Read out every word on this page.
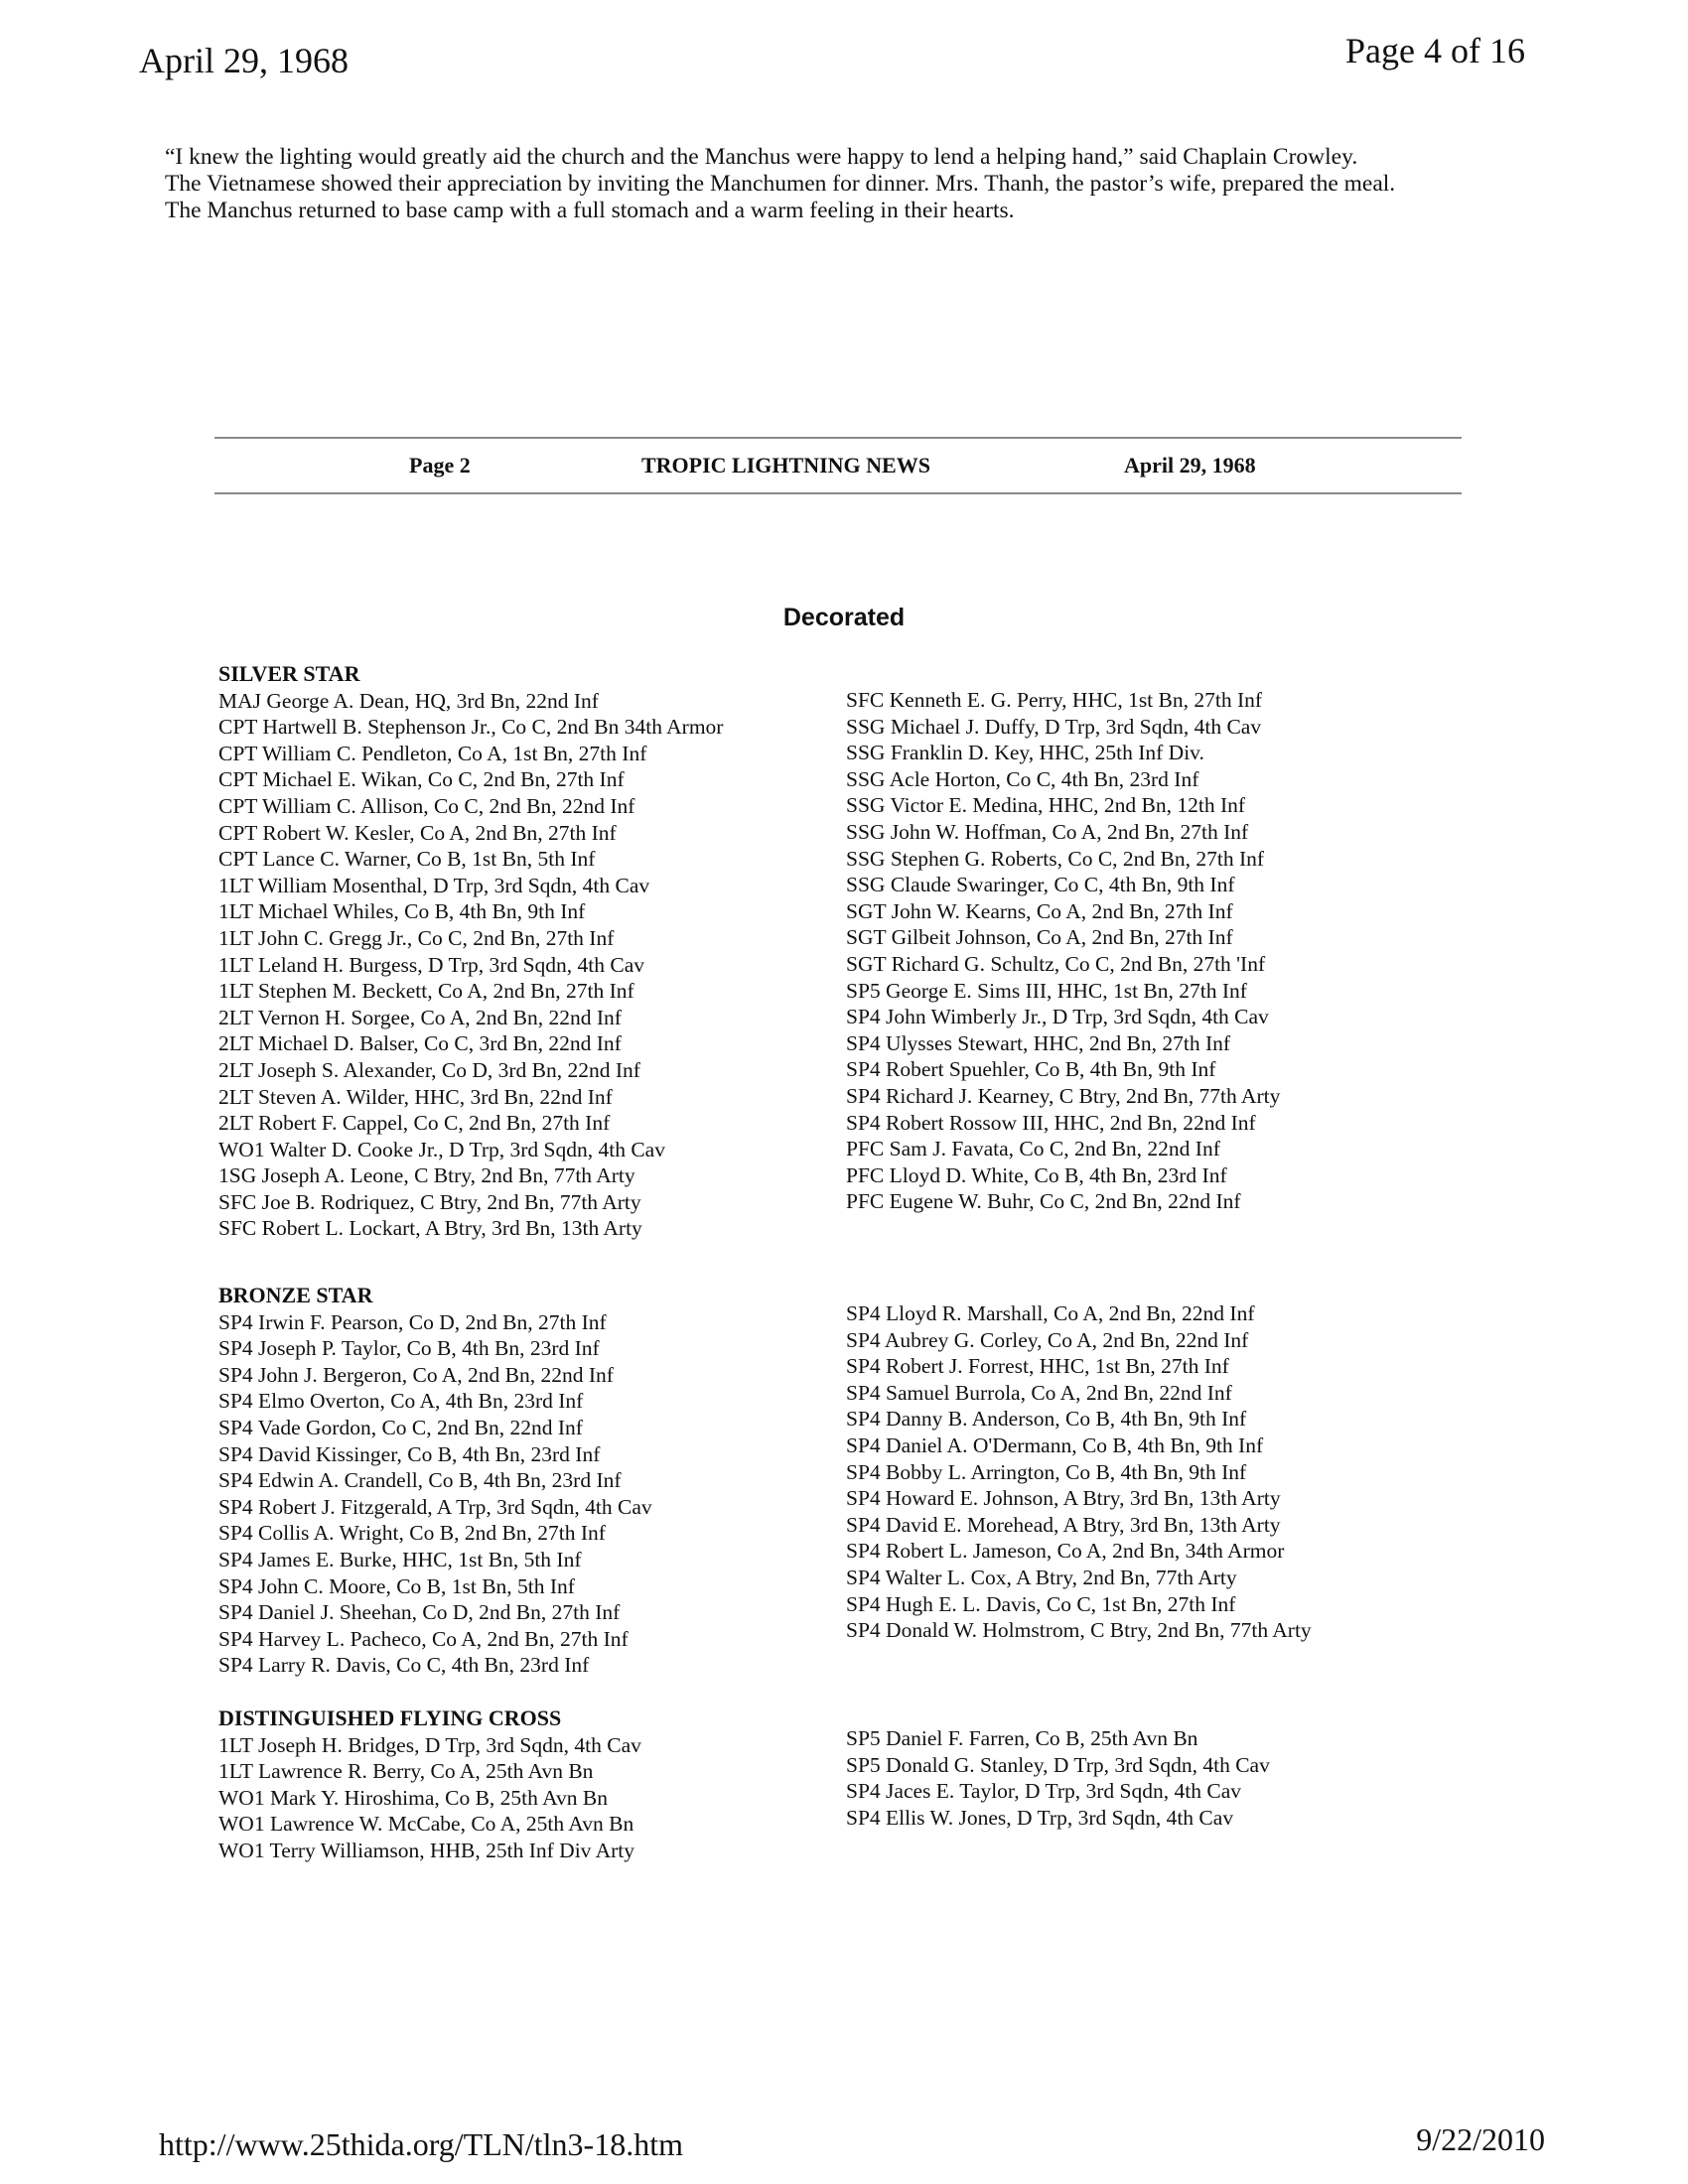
April 29, 1968	Page 4 of 16

“I knew the lighting would greatly aid the church and the Manchus were happy to lend a helping hand,” said Chaplain Crowley.

The Vietnamese showed their appreciation by inviting the Manchumen for dinner. Mrs. Thanh, the pastor’s wife, prepared the meal.

The Manchus returned to base camp with a full stomach and a warm feeling in their hearts.

Page 2	TROPIC LIGHTNING NEWS	April 29, 1968
Decorated
SILVER STAR
MAJ George A. Dean, HQ, 3rd Bn, 22nd Inf
CPT Hartwell B. Stephenson Jr., Co C, 2nd Bn 34th Armor
CPT William C. Pendleton, Co A, 1st Bn, 27th Inf
CPT Michael E. Wikan, Co C, 2nd Bn, 27th Inf
CPT William C. Allison, Co C, 2nd Bn, 22nd Inf
CPT Robert W. Kesler, Co A, 2nd Bn, 27th Inf
CPT Lance C. Warner, Co B, 1st Bn, 5th Inf
1LT William Mosenthal, D Trp, 3rd Sqdn, 4th Cav
1LT Michael Whiles, Co B, 4th Bn, 9th Inf
1LT John C. Gregg Jr., Co C, 2nd Bn, 27th Inf
1LT Leland H. Burgess, D Trp, 3rd Sqdn, 4th Cav
1LT Stephen M. Beckett, Co A, 2nd Bn, 27th Inf
2LT Vernon H. Sorgee, Co A, 2nd Bn, 22nd Inf
2LT Michael D. Balser, Co C, 3rd Bn, 22nd Inf
2LT Joseph S. Alexander, Co D, 3rd Bn, 22nd Inf
2LT Steven A. Wilder, HHC, 3rd Bn, 22nd Inf
2LT Robert F. Cappel, Co C, 2nd Bn, 27th Inf
WO1 Walter D. Cooke Jr., D Trp, 3rd Sqdn, 4th Cav
1SG Joseph A. Leone, C Btry, 2nd Bn, 77th Arty
SFC Joe B. Rodriquez, C Btry, 2nd Bn, 77th Arty
SFC Robert L. Lockart, A Btry, 3rd Bn, 13th Arty
SFC Kenneth E. G. Perry, HHC, 1st Bn, 27th Inf
SSG Michael J. Duffy, D Trp, 3rd Sqdn, 4th Cav
SSG Franklin D. Key, HHC, 25th Inf Div.
SSG Acle Horton, Co C, 4th Bn, 23rd Inf
SSG Victor E. Medina, HHC, 2nd Bn, 12th Inf
SSG John W. Hoffman, Co A, 2nd Bn, 27th Inf
SSG Stephen G. Roberts, Co C, 2nd Bn, 27th Inf
SSG Claude Swaringer, Co C, 4th Bn, 9th Inf
SGT John W. Kearns, Co A, 2nd Bn, 27th Inf
SGT Gilbeit Johnson, Co A, 2nd Bn, 27th Inf
SGT Richard G. Schultz, Co C, 2nd Bn, 27th 'Inf
SP5 George E. Sims III, HHC, 1st Bn, 27th Inf
SP4 John Wimberly Jr., D Trp, 3rd Sqdn, 4th Cav
SP4 Ulysses Stewart, HHC, 2nd Bn, 27th Inf
SP4 Robert Spuehler, Co B, 4th Bn, 9th Inf
SP4 Richard J. Kearney, C Btry, 2nd Bn, 77th Arty
SP4 Robert Rossow III, HHC, 2nd Bn, 22nd Inf
PFC Sam J. Favata, Co C, 2nd Bn, 22nd Inf
PFC Lloyd D. White, Co B, 4th Bn, 23rd Inf
PFC Eugene W. Buhr, Co C, 2nd Bn, 22nd Inf
BRONZE STAR
SP4 Irwin F. Pearson, Co D, 2nd Bn, 27th Inf
SP4 Joseph P. Taylor, Co B, 4th Bn, 23rd Inf
SP4 John J. Bergeron, Co A, 2nd Bn, 22nd Inf
SP4 Elmo Overton, Co A, 4th Bn, 23rd Inf
SP4 Vade Gordon, Co C, 2nd Bn, 22nd Inf
SP4 David Kissinger, Co B, 4th Bn, 23rd Inf
SP4 Edwin A. Crandell, Co B, 4th Bn, 23rd Inf
SP4 Robert J. Fitzgerald, A Trp, 3rd Sqdn, 4th Cav
SP4 Collis A. Wright, Co B, 2nd Bn, 27th Inf
SP4 James E. Burke, HHC, 1st Bn, 5th Inf
SP4 John C. Moore, Co B, 1st Bn, 5th Inf
SP4 Daniel J. Sheehan, Co D, 2nd Bn, 27th Inf
SP4 Harvey L. Pacheco, Co A, 2nd Bn, 27th Inf
SP4 Larry R. Davis, Co C, 4th Bn, 23rd Inf
SP4 Lloyd R. Marshall, Co A, 2nd Bn, 22nd Inf
SP4 Aubrey G. Corley, Co A, 2nd Bn, 22nd Inf
SP4 Robert J. Forrest, HHC, 1st Bn, 27th Inf
SP4 Samuel Burrola, Co A, 2nd Bn, 22nd Inf
SP4 Danny B. Anderson, Co B, 4th Bn, 9th Inf
SP4 Daniel A. O'Dermann, Co B, 4th Bn, 9th Inf
SP4 Bobby L. Arrington, Co B, 4th Bn, 9th Inf
SP4 Howard E. Johnson, A Btry, 3rd Bn, 13th Arty
SP4 David E. Morehead, A Btry, 3rd Bn, 13th Arty
SP4 Robert L. Jameson, Co A, 2nd Bn, 34th Armor
SP4 Walter L. Cox, A Btry, 2nd Bn, 77th Arty
SP4 Hugh E. L. Davis, Co C, 1st Bn, 27th Inf
SP4 Donald W. Holmstrom, C Btry, 2nd Bn, 77th Arty
DISTINGUISHED FLYING CROSS
1LT Joseph H. Bridges, D Trp, 3rd Sqdn, 4th Cav
1LT Lawrence R. Berry, Co A, 25th Avn Bn
WO1 Mark Y. Hiroshima, Co B, 25th Avn Bn
WO1 Lawrence W. McCabe, Co A, 25th Avn Bn
WO1 Terry Williamson, HHB, 25th Inf Div Arty
SP5 Daniel F. Farren, Co B, 25th Avn Bn
SP5 Donald G. Stanley, D Trp, 3rd Sqdn, 4th Cav
SP4 Jaces E. Taylor, D Trp, 3rd Sqdn, 4th Cav
SP4 Ellis W. Jones, D Trp, 3rd Sqdn, 4th Cav
http://www.25thida.org/TLN/tln3-18.htm	9/22/2010
